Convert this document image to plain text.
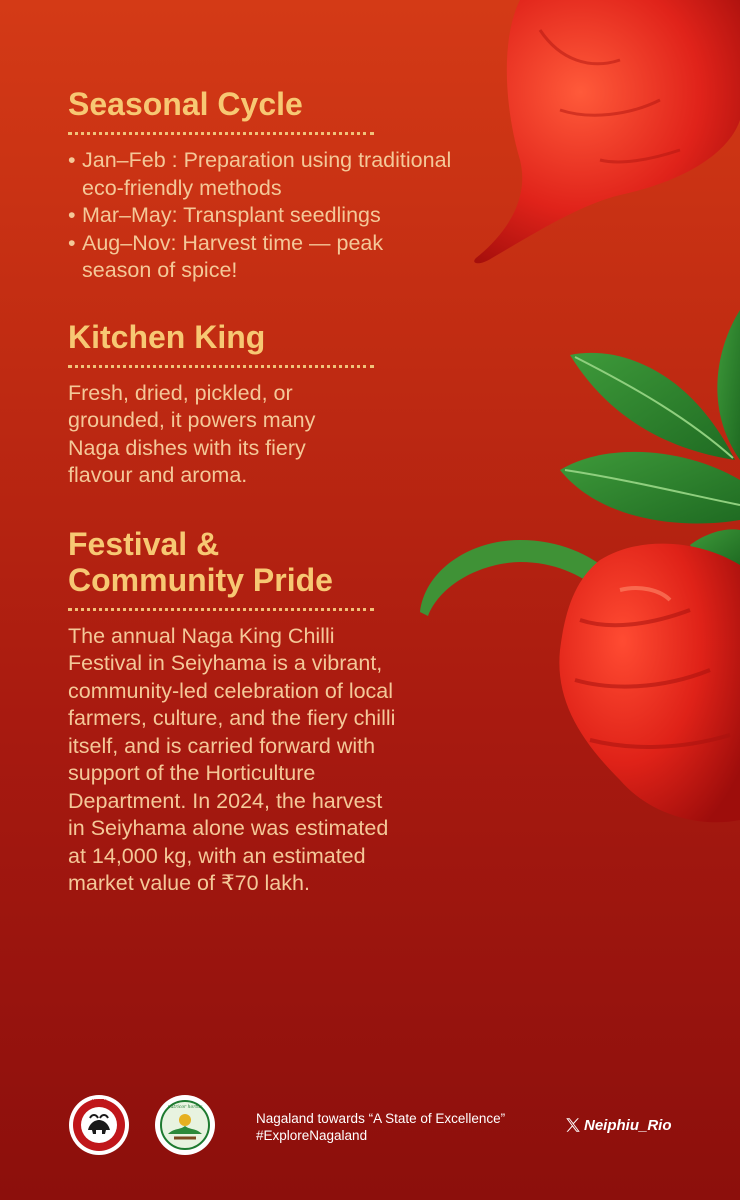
Seasonal Cycle
• Jan–Feb : Preparation using traditional eco-friendly methods
• Mar–May: Transplant seedlings
• Aug–Nov: Harvest time — peak season of spice!
Kitchen King

Fresh, dried, pickled, or grounded, it powers many Naga dishes with its fiery flavour and aroma.

Festival &
Community Pride

The annual Naga King Chilli Festival in Seiyhama is a vibrant, community-led celebration of local farmers, culture, and the fiery chilli itself, and is carried forward with support of the Horticulture Department. In 2024, the harvest in Seiyhama alone was estimated at 14,000 kg, with an estimated market value of ₹70 lakh.

UNITY
nutricor hortus
Nagaland towards “A State of Excellence”
#ExploreNagaland
Neiphiu_Rio
